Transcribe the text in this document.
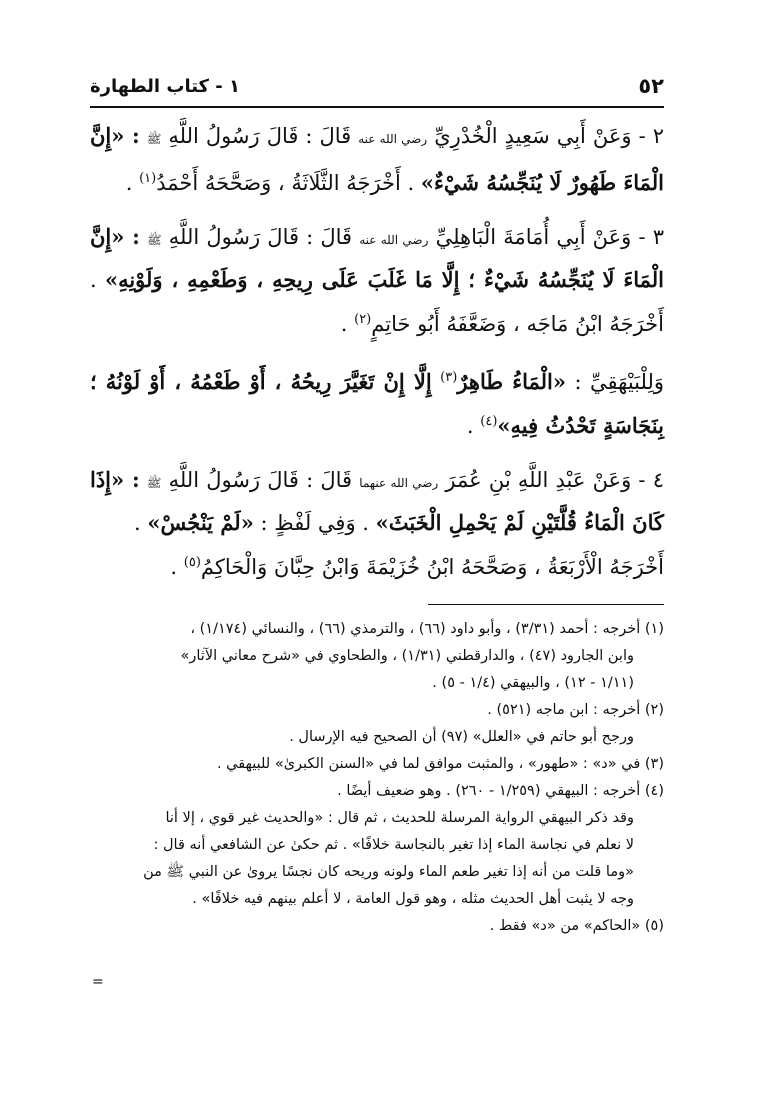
٥٢
١ - كتاب الطهارة

٢ - وَعَنْ أَبِي سَعِيدٍ الْخُدْرِيِّ رضي الله عنه قَالَ : قَالَ رَسُولُ اللَّهِ ﷺ : «إِنَّ الْمَاءَ طَهُورٌ لَا يُنَجِّسُهُ شَيْءٌ» . أَخْرَجَهُ الثَّلَاثَةُ ، وَصَحَّحَهُ أَحْمَدُ$^{(١)}$ .

٣ - وَعَنْ أَبِي أُمَامَةَ الْبَاهِلِيِّ رضي الله عنه قَالَ : قَالَ رَسُولُ اللَّهِ ﷺ : «إِنَّ الْمَاءَ لَا يُنَجِّسُهُ شَيْءٌ ؛ إِلَّا مَا غَلَبَ عَلَى رِيحِهِ ، وَطَعْمِهِ ، وَلَوْنِهِ» . أَخْرَجَهُ ابْنُ مَاجَه ، وَضَعَّفَهُ أَبُو حَاتِمٍ$^{(٢)}$ .

وَلِلْبَيْهَقِيِّ : «الْمَاءُ طَاهِرٌ$^{(٣)}$ إِلَّا إِنْ تَغَيَّرَ رِيحُهُ ، أَوْ طَعْمُهُ ، أَوْ لَوْنُهُ ؛ بِنَجَاسَةٍ تَحْدُثُ فِيهِ»$^{(٤)}$ .

٤ - وَعَنْ عَبْدِ اللَّهِ بْنِ عُمَرَ رضي الله عنهما قَالَ : قَالَ رَسُولُ اللَّهِ ﷺ : «إِذَا كَانَ الْمَاءُ قُلَّتَيْنِ لَمْ يَحْمِلِ الْخَبَثَ» . وَفِي لَفْظٍ : «لَمْ يَنْجُسْ» .
أَخْرَجَهُ الْأَرْبَعَةُ ، وَصَحَّحَهُ ابْنُ خُزَيْمَةَ وَابْنُ حِبَّانَ وَالْحَاكِمُ$^{(٥)}$ .

(١) أخرجه : أحمد (٣/٣١) ، وأبو داود (٦٦) ، والترمذي (٦٦) ، والنسائي (١/١٧٤) ،

وابن الجارود (٤٧) ، والدارقطني (١/٣١) ، والطحاوي في «شرح معاني الآثار»

(١/١١ - ١٢) ، والبيهقي (١/٤ - ٥) .

(٢) أخرجه : ابن ماجه (٥٢١) .

ورجح أبو حاتم في «العلل» (٩٧) أن الصحيح فيه الإرسال .

(٣) في «د» : «طهور» ، والمثبت موافق لما في «السنن الكبرىٰ» للبيهقي .

(٤) أخرجه : البيهقي (١/٢٥٩ - ٢٦٠) . وهو ضعيف أيضًا .

وقد ذكر البيهقي الرواية المرسلة للحديث ، ثم قال : «والحديث غير قوي ، إلا أنا

لا نعلم في نجاسة الماء إذا تغير بالنجاسة خلافًا» . ثم حكىٰ عن الشافعي أنه قال :

«وما قلت من أنه إذا تغير طعم الماء ولونه وريحه كان نجسًا يروىٰ عن النبي ﷺ من

وجه لا يثبت أهل الحديث مثله ، وهو قول العامة ، لا أعلم بينهم فيه خلافًا» .

(٥) «الحاكم» من «د» فقط .

=
